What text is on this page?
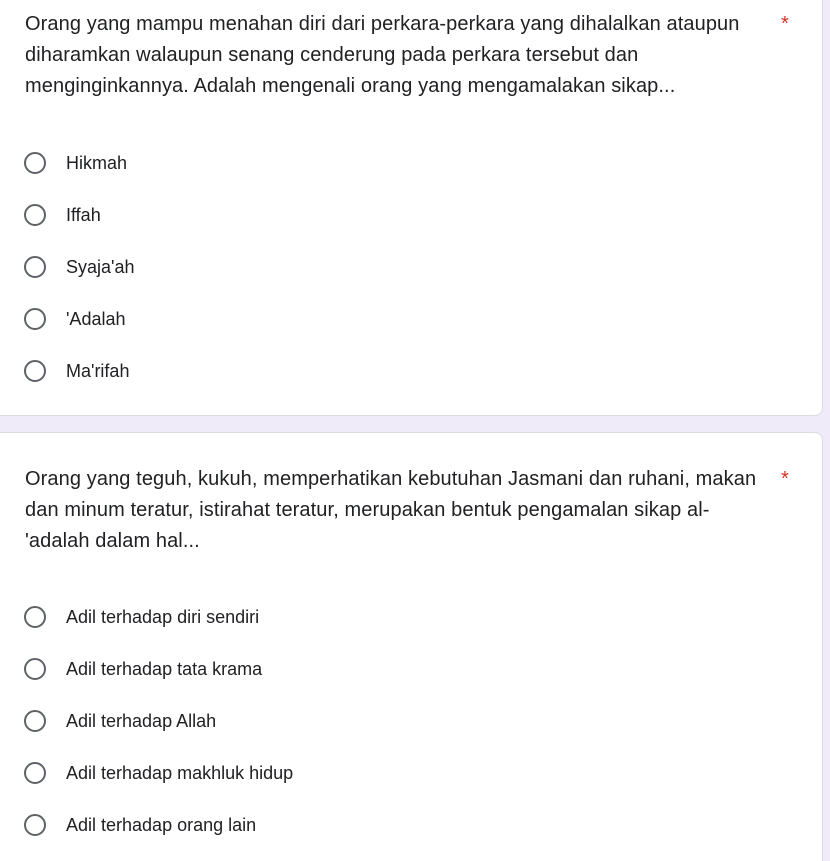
Orang yang mampu menahan diri dari perkara-perkara yang dihalalkan ataupun diharamkan walaupun senang cenderung pada perkara tersebut dan menginginkannya. Adalah mengenali orang yang mengamalakan sikap...

*
Hikmah
Iffah
Syaja'ah
'Adalah
Ma'rifah

Orang yang teguh, kukuh, memperhatikan kebutuhan Jasmani dan ruhani, makan dan minum teratur, istirahat teratur, merupakan bentuk pengamalan sikap al-'adalah dalam hal...

*
Adil terhadap diri sendiri
Adil terhadap tata krama
Adil terhadap Allah
Adil terhadap makhluk hidup
Adil terhadap orang lain
